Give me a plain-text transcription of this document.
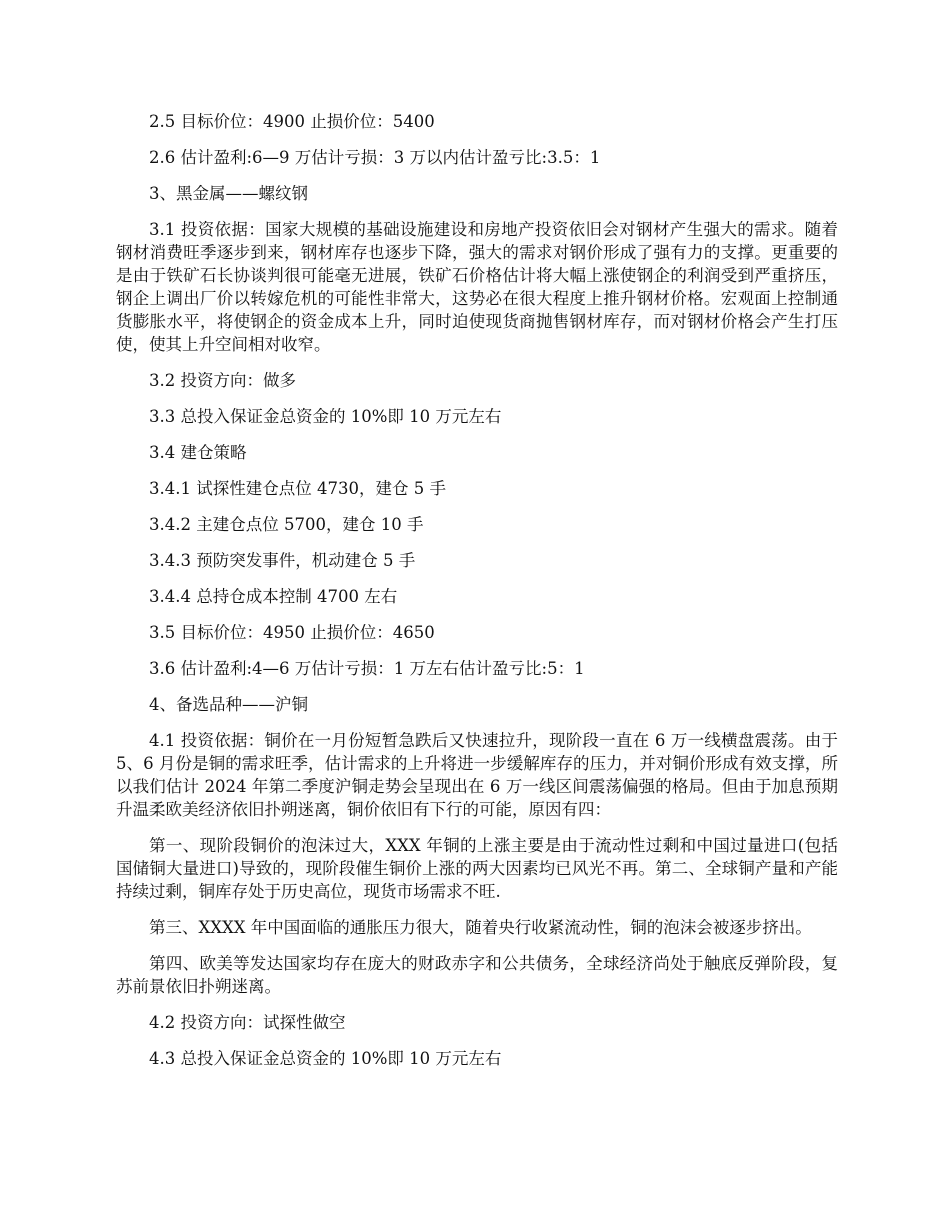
2.5 目标价位：4900 止损价位：5400

2.6 估计盈利:6—9 万估计亏损：3 万以内估计盈亏比:3.5：1

3、黑金属——螺纹钢

3.1 投资依据：国家大规模的基础设施建设和房地产投资依旧会对钢材产生强大的需求。随着钢材消费旺季逐步到来，钢材库存也逐步下降，强大的需求对钢价形成了强有力的支撑。更重要的是由于铁矿石长协谈判很可能毫无进展，铁矿石价格估计将大幅上涨使钢企的利润受到严重挤压，钢企上调出厂价以转嫁危机的可能性非常大，这势必在很大程度上推升钢材价格。宏观面上控制通货膨胀水平，将使钢企的资金成本上升，同时迫使现货商抛售钢材库存，而对钢材价格会产生打压使，使其上升空间相对收窄。

3.2 投资方向：做多

3.3 总投入保证金总资金的 10%即 10 万元左右

3.4 建仓策略

3.4.1 试探性建仓点位 4730，建仓 5 手

3.4.2 主建仓点位 5700，建仓 10 手

3.4.3 预防突发事件，机动建仓 5 手

3.4.4 总持仓成本控制 4700 左右

3.5 目标价位：4950 止损价位：4650

3.6 估计盈利:4—6 万估计亏损：1 万左右估计盈亏比:5：1

4、备选品种——沪铜

4.1 投资依据：铜价在一月份短暂急跌后又快速拉升，现阶段一直在 6 万一线横盘震荡。由于 5、6 月份是铜的需求旺季，估计需求的上升将进一步缓解库存的压力，并对铜价形成有效支撑，所以我们估计 2024 年第二季度沪铜走势会呈现出在 6 万一线区间震荡偏强的格局。但由于加息预期升温柔欧美经济依旧扑朔迷离，铜价依旧有下行的可能，原因有四：

第一、现阶段铜价的泡沫过大，XXX 年铜的上涨主要是由于流动性过剩和中国过量进口(包括国储铜大量进口)导致的，现阶段催生铜价上涨的两大因素均已风光不再。第二、全球铜产量和产能持续过剩，铜库存处于历史高位，现货市场需求不旺.

第三、XXXX 年中国面临的通胀压力很大，随着央行收紧流动性，铜的泡沫会被逐步挤出。

第四、欧美等发达国家均存在庞大的财政赤字和公共债务，全球经济尚处于触底反弹阶段，复苏前景依旧扑朔迷离。

4.2 投资方向：试探性做空

4.3 总投入保证金总资金的 10%即 10 万元左右
